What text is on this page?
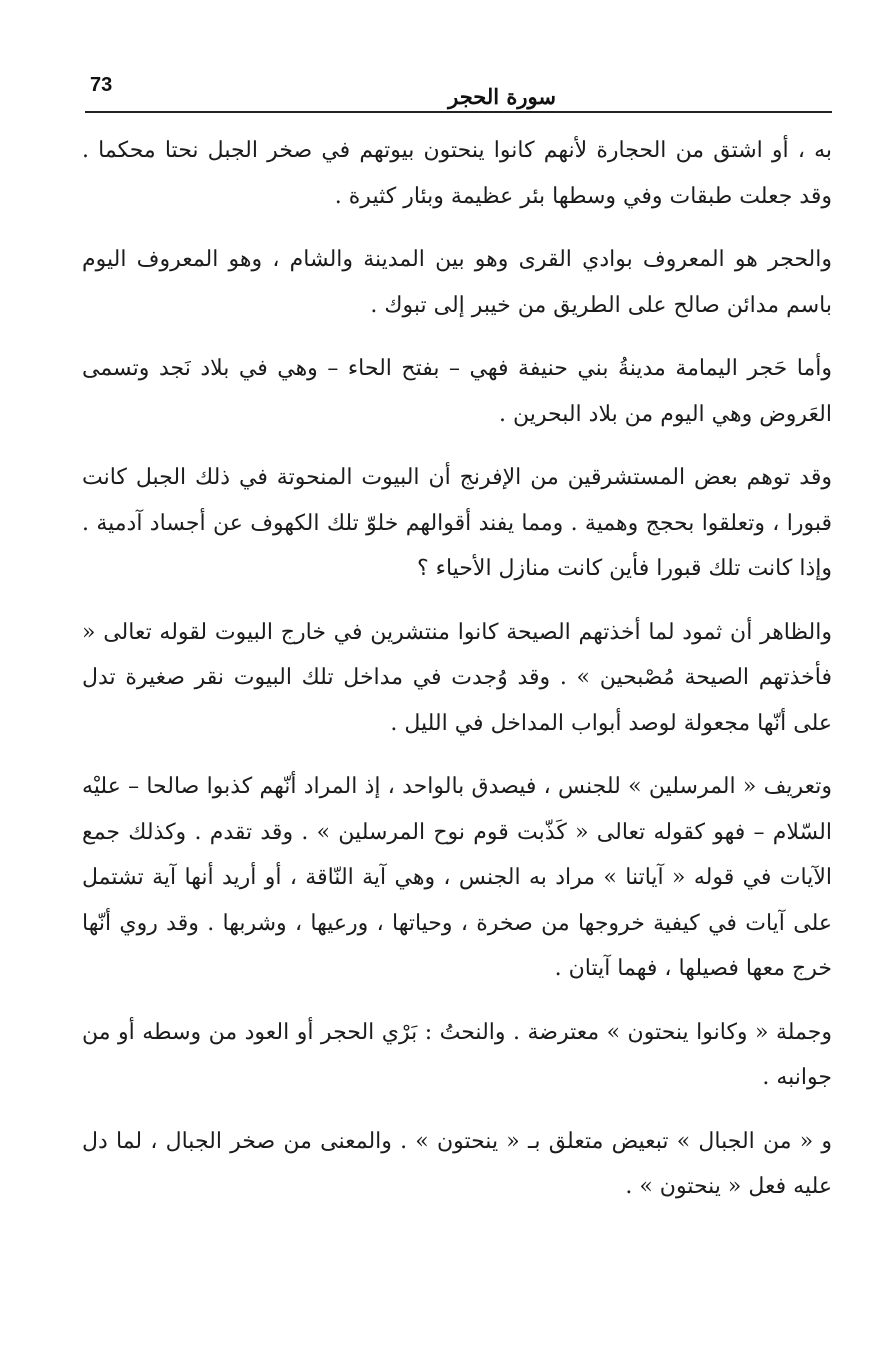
73	سورة الحجر

به ، أو اشتق من الحجارة لأنهم كانوا ينحتون بيوتهم في صخر الجبل نحتا محكما . وقد جعلت طبقات وفي وسطها بئر عظيمة وبئار كثيرة .

والحجر هو المعروف بوادي القرى وهو بين المدينة والشام ، وهو المعروف اليوم باسم مدائن صالح على الطريق من خيبر إلى تبوك .

وأما حَجر اليمامة مدينةُ بني حنيفة فهي – بفتح الحاء – وهي في بلاد نَجد وتسمى العَروض وهي اليوم من بلاد البحرين .

وقد توهم بعض المستشرقين من الإفرنج أن البيوت المنحوتة في ذلك الجبل كانت قبورا ، وتعلقوا بحجج وهمية . ومما يفند أقوالهم خلوّ تلك الكهوف عن أجساد آدمية . وإذا كانت تلك قبورا فأين كانت منازل الأحياء ؟

والظاهر أن ثمود لما أخذتهم الصيحة كانوا منتشرين في خارج البيوت لقوله تعالى « فأخذتهم الصيحة مُصْبحين » . وقد وُجدت في مداخل تلك البيوت نقر صغيرة تدل على أنّها مجعولة لوصد أبواب المداخل في الليل .

وتعريف « المرسلين » للجنس ، فيصدق بالواحد ، إذ المراد أنّهم كذبوا صالحا – عليْه السّلام – فهو كقوله تعالى « كَذّبت قوم نوح المرسلين » . وقد تقدم . وكذلك جمع الآيات في قوله « آياتنا » مراد به الجنس ، وهي آية النّاقة ، أو أريد أنها آية تشتمل على آيات في كيفية خروجها من صخرة ، وحياتها ، ورعيها ، وشربها . وقد روي أنّها خرج معها فصيلها ، فهما آيتان .

وجملة « وكانوا ينحتون » معترضة . والنحتُ : بَرْي الحجر أو العود من وسطه أو من جوانبه .

و « من الجبال » تبعيض متعلق بـ « ينحتون » . والمعنى من صخر الجبال ، لما دل عليه فعل « ينحتون » .
